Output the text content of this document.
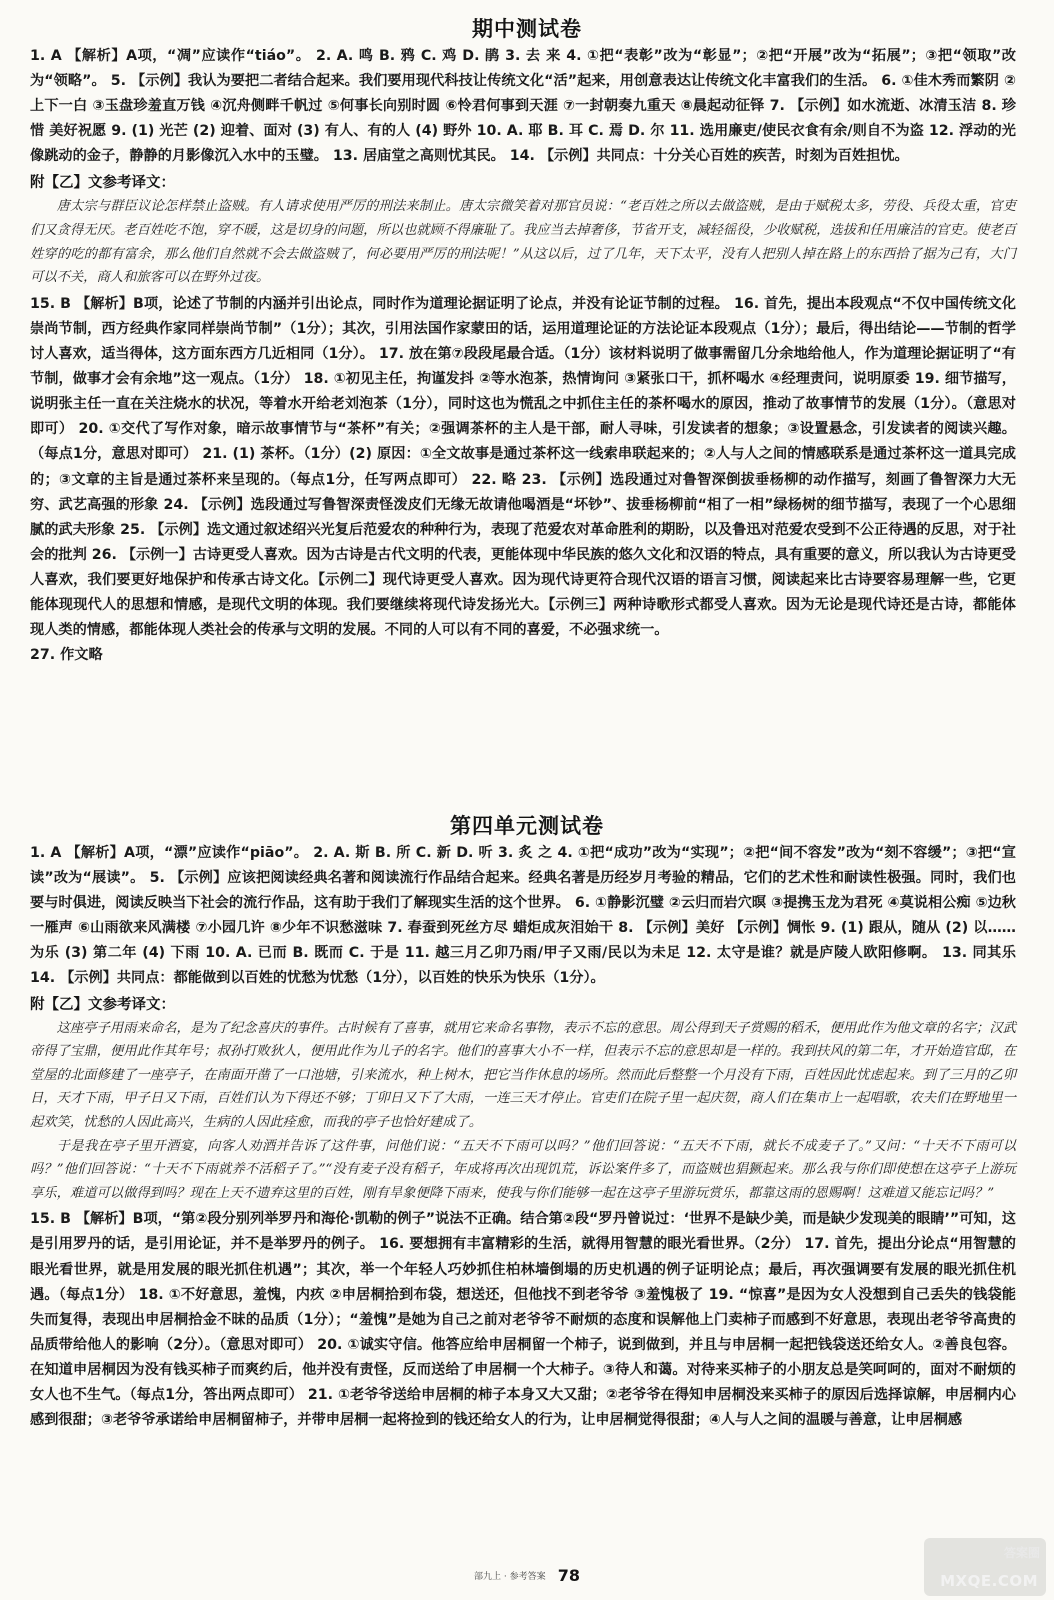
期中测试卷

1. A 【解析】A项，“凋”应读作“tiáo”。 2. A. 鸣 B. 鸦 C. 鸡 D. 鹃 3. 去 来 4. ①把“表彰”改为“彰显”；②把“开展”改为“拓展”；③把“领取”改为“领略”。 5. 【示例】我认为要把二者结合起来。我们要用现代科技让传统文化“活”起来，用创意表达让传统文化丰富我们的生活。 6. ①佳木秀而繁阴 ②上下一白 ③玉盘珍羞直万钱 ④沉舟侧畔千帆过 ⑤何事长向别时圆 ⑥怜君何事到天涯 ⑦一封朝奏九重天 ⑧晨起动征铎 7. 【示例】如水流逝、冰清玉洁 8. 珍惜 美好祝愿 9. (1) 光芒 (2) 迎着、面对 (3) 有人、有的人 (4) 野外 10. A. 耶 B. 耳 C. 焉 D. 尔 11. 选用廉吏/使民衣食有余/则自不为盗 12. 浮动的光像跳动的金子，静静的月影像沉入水中的玉璧。 13. 居庙堂之高则忧其民。 14. 【示例】共同点：十分关心百姓的疾苦，时刻为百姓担忧。

附【乙】文参考译文：

唐太宗与群臣议论怎样禁止盗贼。有人请求使用严厉的刑法来制止。唐太宗微笑着对那官员说：“老百姓之所以去做盗贼，是由于赋税太多，劳役、兵役太重，官吏们又贪得无厌。老百姓吃不饱，穿不暖，这是切身的问题，所以也就顾不得廉耻了。我应当去掉奢侈，节省开支，减轻徭役，少收赋税，选拔和任用廉洁的官吏。使老百姓穿的吃的都有富余，那么他们自然就不会去做盗贼了，何必要用严厉的刑法呢！”从这以后，过了几年，天下太平，没有人把别人掉在路上的东西拾了据为己有，大门可以不关，商人和旅客可以在野外过夜。

15. B 【解析】B项，论述了节制的内涵并引出论点，同时作为道理论据证明了论点，并没有论证节制的过程。 16. 首先，提出本段观点“不仅中国传统文化崇尚节制，西方经典作家同样崇尚节制”（1分）；其次，引用法国作家蒙田的话，运用道理论证的方法论证本段观点（1分）；最后，得出结论——节制的哲学讨人喜欢，适当得体，这方面东西方几近相同（1分）。 17. 放在第⑦段段尾最合适。（1分）该材料说明了做事需留几分余地给他人，作为道理论据证明了“有节制，做事才会有余地”这一观点。（1分） 18. ①初见主任，拘谨发抖 ②等水泡茶，热情询问 ③紧张口干，抓杯喝水 ④经理责问，说明原委 19. 细节描写，说明张主任一直在关注烧水的状况，等着水开给老刘泡茶（1分），同时这也为慌乱之中抓住主任的茶杯喝水的原因，推动了故事情节的发展（1分）。（意思对即可） 20. ①交代了写作对象，暗示故事情节与“茶杯”有关；②强调茶杯的主人是干部，耐人寻味，引发读者的想象；③设置悬念，引发读者的阅读兴趣。（每点1分，意思对即可） 21. (1) 茶杯。（1分）(2) 原因：①全文故事是通过茶杯这一线索串联起来的；②人与人之间的情感联系是通过茶杯这一道具完成的；③文章的主旨是通过茶杯来呈现的。（每点1分，任写两点即可） 22. 略 23. 【示例】选段通过对鲁智深倒拔垂杨柳的动作描写，刻画了鲁智深力大无穷、武艺高强的形象 24. 【示例】选段通过写鲁智深责怪泼皮们无缘无故请他喝酒是“坏钞”、拔垂杨柳前“相了一相”绿杨树的细节描写，表现了一个心思细腻的武夫形象 25. 【示例】选文通过叙述绍兴光复后范爱农的种种行为，表现了范爱农对革命胜利的期盼，以及鲁迅对范爱农受到不公正待遇的反思，对于社会的批判 26. 【示例一】古诗更受人喜欢。因为古诗是古代文明的代表，更能体现中华民族的悠久文化和汉语的特点，具有重要的意义，所以我认为古诗更受人喜欢，我们要更好地保护和传承古诗文化。【示例二】现代诗更受人喜欢。因为现代诗更符合现代汉语的语言习惯，阅读起来比古诗要容易理解一些，它更能体现现代人的思想和情感，是现代文明的体现。我们要继续将现代诗发扬光大。【示例三】两种诗歌形式都受人喜欢。因为无论是现代诗还是古诗，都能体现人类的情感，都能体现人类社会的传承与文明的发展。不同的人可以有不同的喜爱，不必强求统一。

27. 作文略

第四单元测试卷

1. A 【解析】A项，“漂”应读作“piāo”。 2. A. 斯 B. 所 C. 新 D. 听 3. 炙 之 4. ①把“成功”改为“实现”；②把“间不容发”改为“刻不容缓”；③把“宣读”改为“展读”。 5. 【示例】应该把阅读经典名著和阅读流行作品结合起来。经典名著是历经岁月考验的精品，它们的艺术性和耐读性极强。同时，我们也要与时俱进，阅读反映当下社会的流行作品，这有助于我们了解现实生活的这个世界。 6. ①静影沉璧 ②云归而岩穴暝 ③提携玉龙为君死 ④莫说相公痴 ⑤边秋一雁声 ⑥山雨欲来风满楼 ⑦小园几许 ⑧少年不识愁滋味 7. 春蚕到死丝方尽 蜡炬成灰泪始干 8. 【示例】美好 【示例】惆怅 9. (1) 跟从，随从 (2) 以……为乐 (3) 第二年 (4) 下雨 10. A. 已而 B. 既而 C. 于是 11. 越三月乙卯乃雨/甲子又雨/民以为未足 12. 太守是谁？就是庐陵人欧阳修啊。 13. 同其乐 14. 【示例】共同点：都能做到以百姓的忧愁为忧愁（1分），以百姓的快乐为快乐（1分）。

附【乙】文参考译文：

这座亭子用雨来命名，是为了纪念喜庆的事件。古时候有了喜事，就用它来命名事物，表示不忘的意思。周公得到天子赏赐的稻禾，便用此作为他文章的名字；汉武帝得了宝鼎，便用此作其年号；叔孙打败狄人，便用此作为儿子的名字。他们的喜事大小不一样，但表示不忘的意思却是一样的。我到扶风的第二年，才开始造官邸，在堂屋的北面修建了一座亭子，在南面开凿了一口池塘，引来流水，种上树木，把它当作休息的场所。然而此后整整一个月没有下雨，百姓因此忧虑起来。到了三月的乙卯日，天才下雨，甲子日又下雨，百姓们认为下得还不够；丁卯日又下了大雨，一连三天才停止。官吏们在院子里一起庆贺，商人们在集市上一起唱歌，农夫们在野地里一起欢笑，忧愁的人因此高兴，生病的人因此痊愈，而我的亭子也恰好建成了。

于是我在亭子里开酒宴，向客人劝酒并告诉了这件事，问他们说：“五天不下雨可以吗？”他们回答说：“五天不下雨，就长不成麦子了。”又问：“十天不下雨可以吗？”他们回答说：“十天不下雨就养不活稻子了。”“没有麦子没有稻子，年成将再次出现饥荒，诉讼案件多了，而盗贼也猖獗起来。那么我与你们即使想在这亭子上游玩享乐，难道可以做得到吗？现在上天不遗弃这里的百姓，刚有旱象便降下雨来，使我与你们能够一起在这亭子里游玩赏乐，都靠这雨的恩赐啊！这难道又能忘记吗？”

15. B 【解析】B项，“第②段分别列举罗丹和海伦·凯勒的例子”说法不正确。结合第②段“罗丹曾说过：‘世界不是缺少美，而是缺少发现美的眼睛’”可知，这是引用罗丹的话，是引用论证，并不是举罗丹的例子。 16. 要想拥有丰富精彩的生活，就得用智慧的眼光看世界。（2分） 17. 首先，提出分论点“用智慧的眼光看世界，就是用发展的眼光抓住机遇”；其次，举一个年轻人巧妙抓住柏林墙倒塌的历史机遇的例子证明论点；最后，再次强调要有发展的眼光抓住机遇。（每点1分） 18. ①不好意思，羞愧，内疚 ②申居桐拾到布袋，想送还，但他找不到老爷爷 ③羞愧极了 19. “惊喜”是因为女人没想到自己丢失的钱袋能失而复得，表现出申居桐拾金不昧的品质（1分）；“羞愧”是她为自己之前对老爷爷不耐烦的态度和误解他上门卖柿子而感到不好意思，表现出老爷爷高贵的品质带给他人的影响（2分）。（意思对即可） 20. ①诚实守信。他答应给申居桐留一个柿子，说到做到，并且与申居桐一起把钱袋送还给女人。②善良包容。在知道申居桐因为没有钱买柿子而爽约后，他并没有责怪，反而送给了申居桐一个大柿子。③待人和蔼。对待来买柿子的小朋友总是笑呵呵的，面对不耐烦的女人也不生气。（每点1分，答出两点即可） 21. ①老爷爷送给申居桐的柿子本身又大又甜；②老爷爷在得知申居桐没来买柿子的原因后选择谅解，申居桐内心感到很甜；③老爷爷承诺给申居桐留柿子，并带申居桐一起将捡到的钱还给女人的行为，让申居桐觉得很甜；④人与人之间的温暖与善意，让申居桐感

部九上 · 参考答案 78
答案圈
MXQE.COM
